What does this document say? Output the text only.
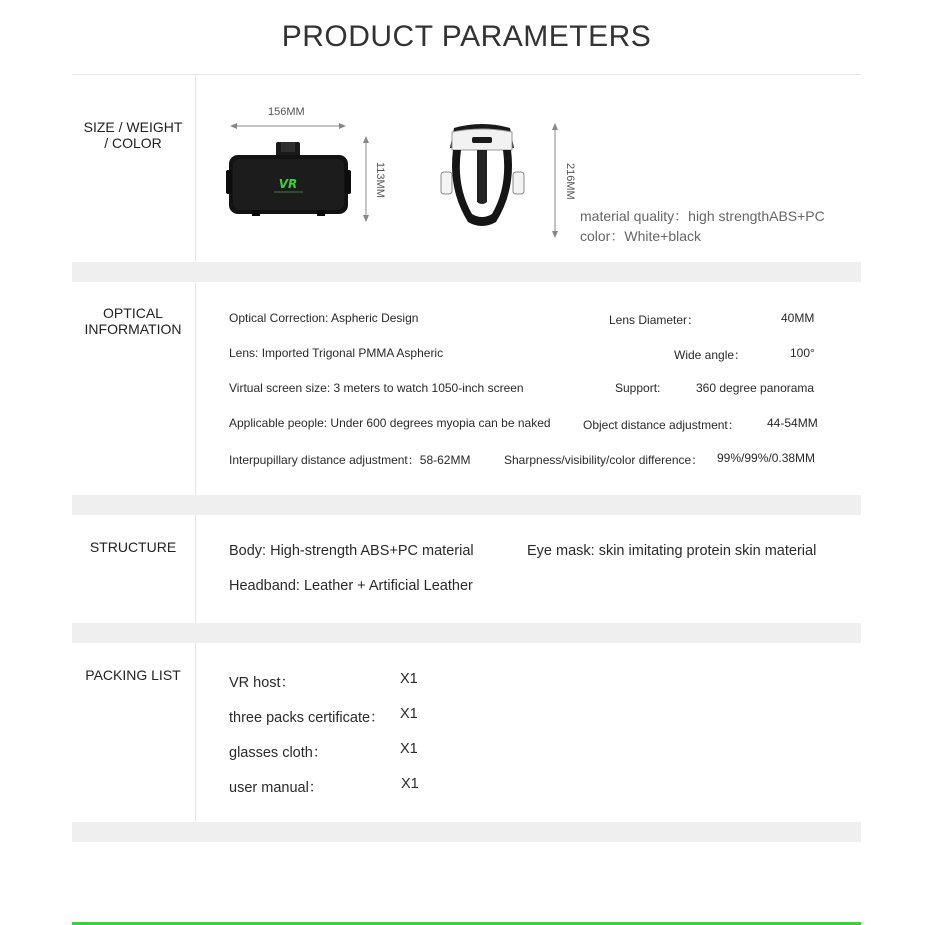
PRODUCT PARAMETERS
SIZE / WEIGHT
/ COLOR
156MM
VR	113MM	216MM
material quality：high strengthABS+PC
color：White+black
OPTICAL
INFORMATION
Optical Correction: Aspheric Design	Lens Diameter：	40MM
Lens: Imported Trigonal PMMA Aspheric	Wide angle：	100°
Virtual screen size: 3 meters to watch 1050-inch screen	Support:	360 degree panorama
Applicable people: Under 600 degrees myopia can be naked	Object distance adjustment： 44-54MM
Interpupillary distance adjustment：58-62MM	Sharpness/visibility/color difference： 99%/99%/0.38MM
STRUCTURE	Body: High-strength ABS+PC material	Eye mask: skin imitating protein skin material
Headband: Leather + Artificial Leather
PACKING LIST	VR host：	X1
three packs certificate： X1
glasses cloth：	X1
user manual：	X1
